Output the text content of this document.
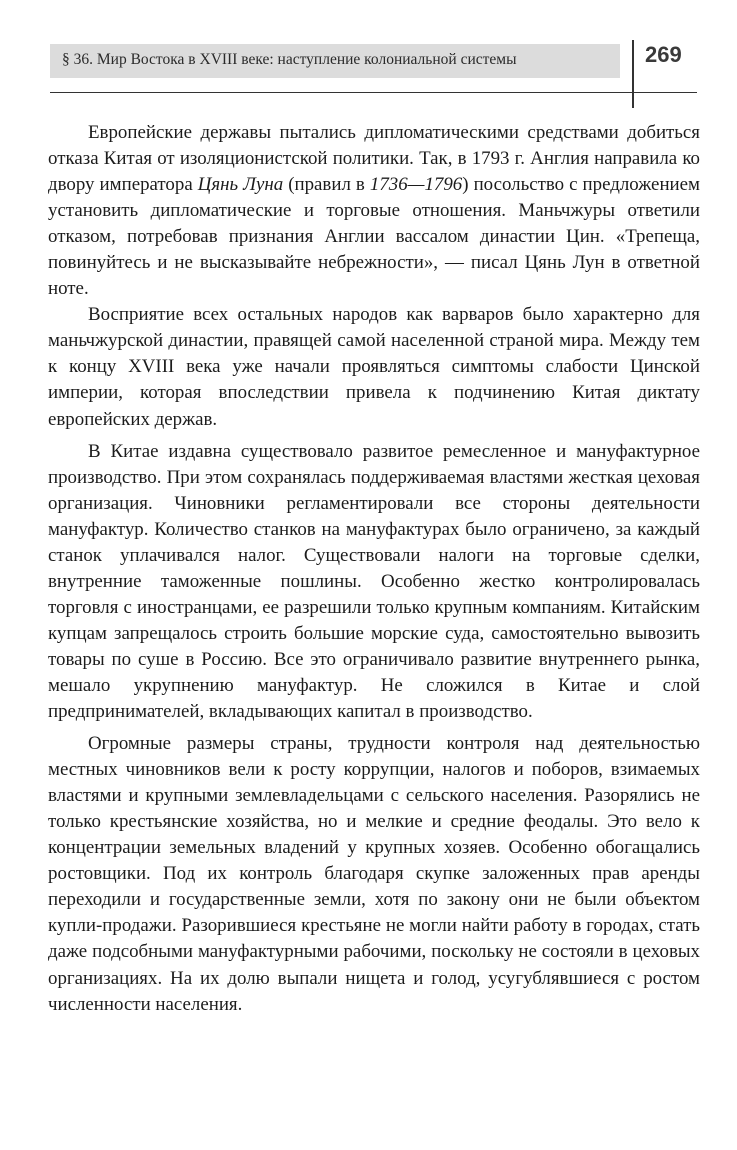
§ 36. Мир Востока в XVIII веке: наступление колониальной системы	269

Европейские державы пытались дипломатическими средствами добиться отказа Китая от изоляционистской политики. Так, в 1793 г. Англия направила ко двору императора Цянь Луна (правил в 1736—1796) посольство с предложением установить дипломатические и торговые отношения. Маньчжуры ответили отказом, потребовав признания Англии вассалом династии Цин. «Трепеща, повинуйтесь и не высказывайте небрежности», — писал Цянь Лун в ответной ноте.

Восприятие всех остальных народов как варваров было характерно для маньчжурской династии, правящей самой населенной страной мира. Между тем к концу XVIII века уже начали проявляться симптомы слабости Цинской империи, которая впоследствии привела к подчинению Китая диктату европейских держав.

В Китае издавна существовало развитое ремесленное и мануфактурное производство. При этом сохранялась поддерживаемая властями жесткая цеховая организация. Чиновники регламентировали все стороны деятельности мануфактур. Количество станков на мануфактурах было ограничено, за каждый станок уплачивался налог. Существовали налоги на торговые сделки, внутренние таможенные пошлины. Особенно жестко контролировалась торговля с иностранцами, ее разрешили только крупным компаниям. Китайским купцам запрещалось строить большие морские суда, самостоятельно вывозить товары по суше в Россию. Все это ограничивало развитие внутреннего рынка, мешало укрупнению мануфактур. Не сложился в Китае и слой предпринимателей, вкладывающих капитал в производство.

Огромные размеры страны, трудности контроля над деятельностью местных чиновников вели к росту коррупции, налогов и поборов, взимаемых властями и крупными землевладельцами с сельского населения. Разорялись не только крестьянские хозяйства, но и мелкие и средние феодалы. Это вело к концентрации земельных владений у крупных хозяев. Особенно обогащались ростовщики. Под их контроль благодаря скупке заложенных прав аренды переходили и государственные земли, хотя по закону они не были объектом купли-продажи. Разорившиеся крестьяне не могли найти работу в городах, стать даже подсобными мануфактурными рабочими, поскольку не состояли в цеховых организациях. На их долю выпали нищета и голод, усугублявшиеся с ростом численности населения.
